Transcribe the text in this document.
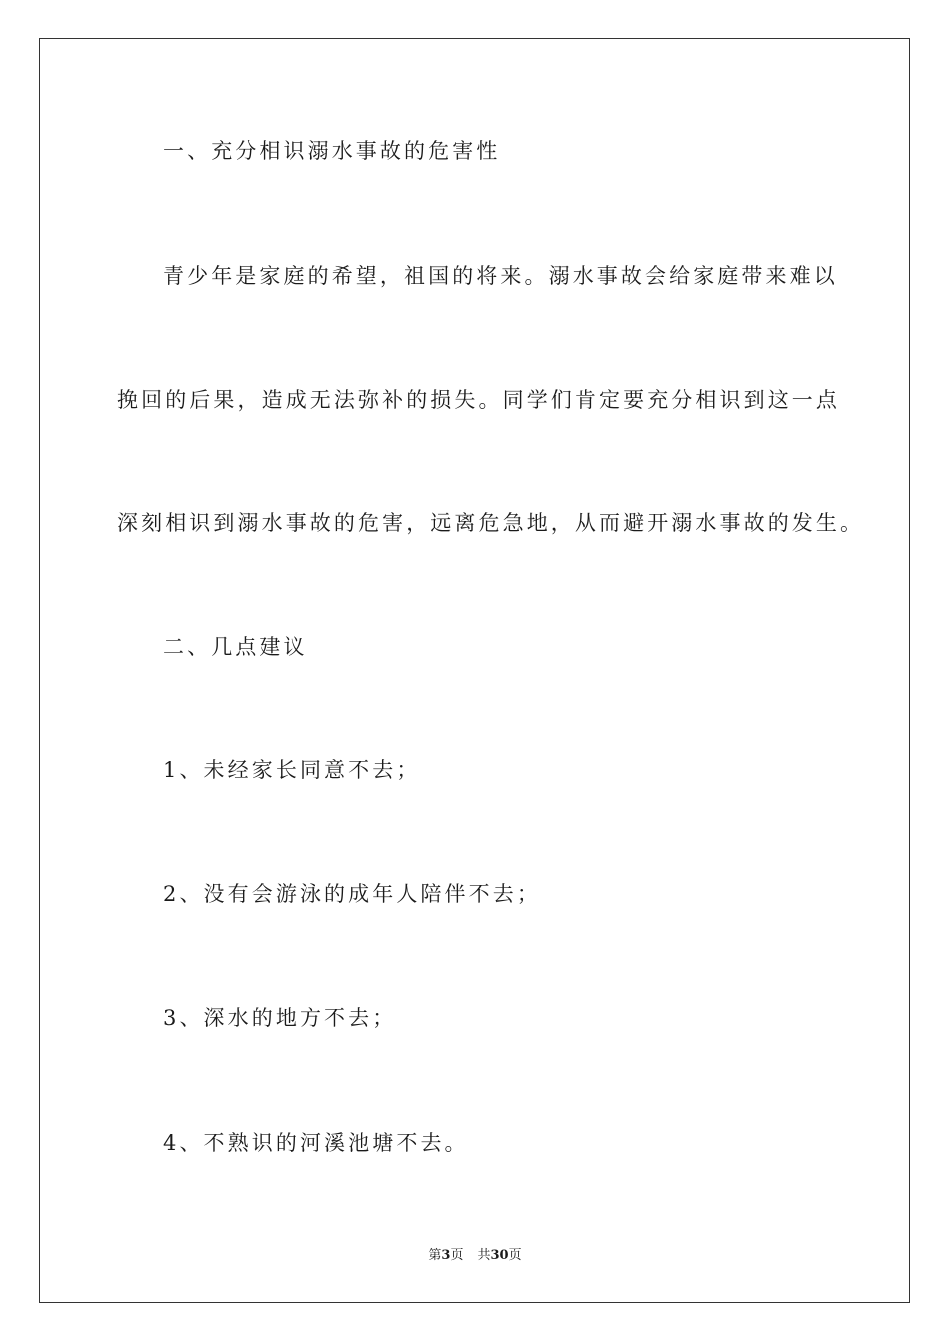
一、充分相识溺水事故的危害性
青少年是家庭的希望，祖国的将来。溺水事故会给家庭带来难以
挽回的后果，造成无法弥补的损失。同学们肯定要充分相识到这一点
深刻相识到溺水事故的危害，远离危急地，从而避开溺水事故的发生。
二、几点建议
1、未经家长同意不去；
2、没有会游泳的成年人陪伴不去；
3、深水的地方不去；
4、不熟识的河溪池塘不去。
第3页 共30页
